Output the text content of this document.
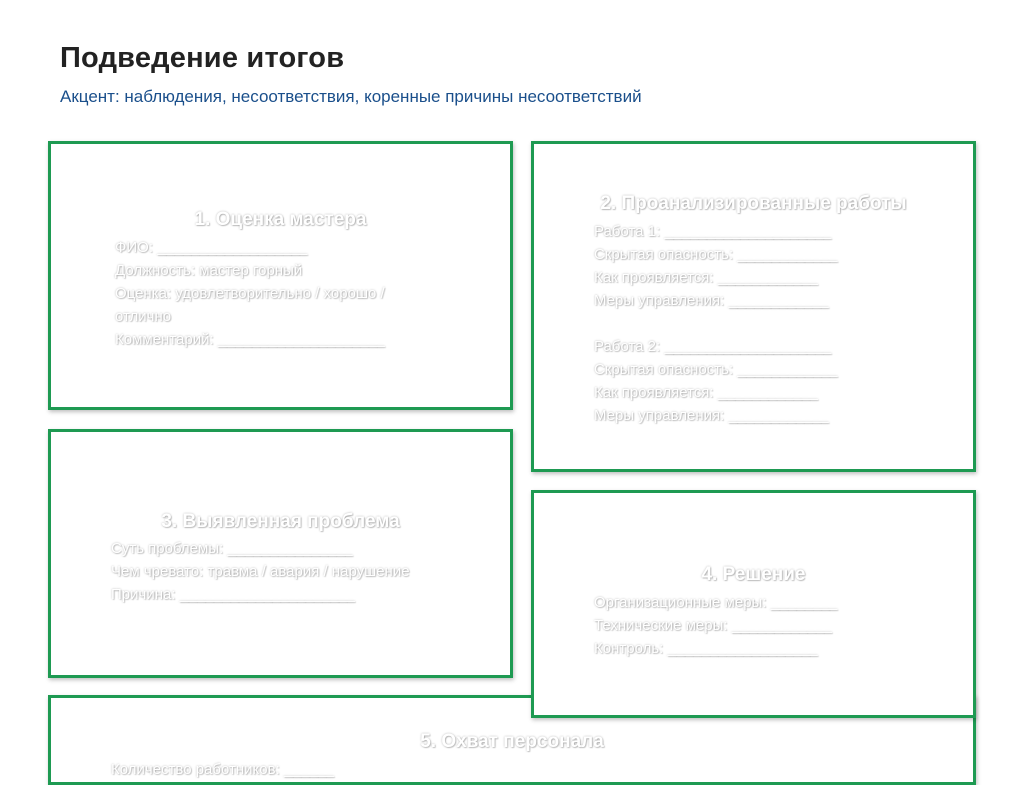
Подведение итогов
Акцент: наблюдения, несоответствия, коренные причины несоответствий
1. Оценка мастера
ФИО: __________________
Должность: мастер горный
Оценка: удовлетворительно / хорошо /
отлично
Комментарий: ____________________
2. Проанализированные работы
Работа 1: ____________________
Скрытая опасность: ____________
Как проявляется: ____________
Меры управления: ____________
Работа 2: ____________________
Скрытая опасность: ____________
Как проявляется: ____________
Меры управления: ____________
3. Выявленная проблема
Суть проблемы: _______________
Чем чревато: травма / авария / нарушение
Причина: _____________________
5. Охват персонала
Количество работников: ______
4. Решение
Организационные меры: ________
Технические меры: ____________
Контроль: __________________
